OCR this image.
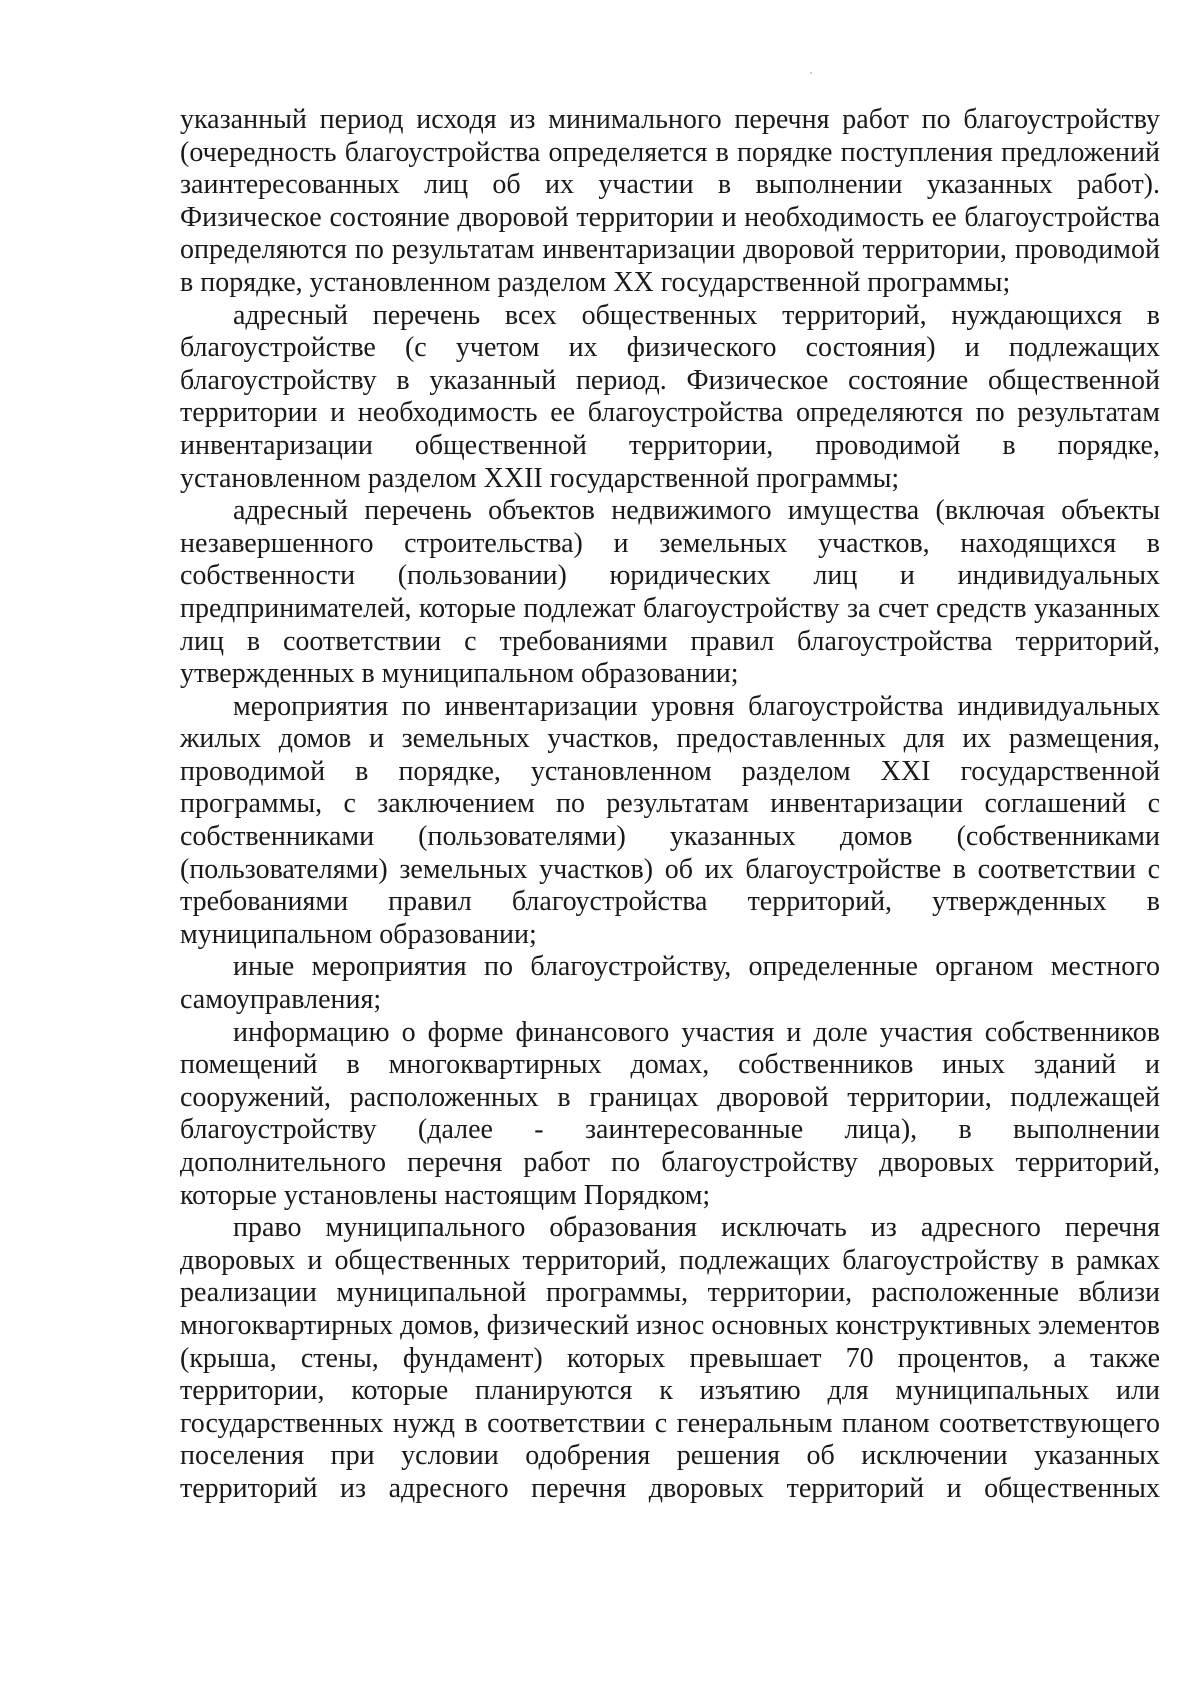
указанный период исходя из минимального перечня работ по благоустройству (очередность благоустройства определяется в порядке поступления предложений заинтересованных лиц об их участии в выполнении указанных работ). Физическое состояние дворовой территории и необходимость ее благоустройства определяются по результатам инвентаризации дворовой территории, проводимой в порядке, установленном разделом XX государственной программы;

адресный перечень всех общественных территорий, нуждающихся в благоустройстве (с учетом их физического состояния) и подлежащих благоустройству в указанный период. Физическое состояние общественной территории и необходимость ее благоустройства определяются по результатам инвентаризации общественной территории, проводимой в порядке, установленном разделом XXII государственной программы;

адресный перечень объектов недвижимого имущества (включая объекты незавершенного строительства) и земельных участков, находящихся в собственности (пользовании) юридических лиц и индивидуальных предпринимателей, которые подлежат благоустройству за счет средств указанных лиц в соответствии с требованиями правил благоустройства территорий, утвержденных в муниципальном образовании;

мероприятия по инвентаризации уровня благоустройства индивидуальных жилых домов и земельных участков, предоставленных для их размещения, проводимой в порядке, установленном разделом XXI государственной программы, с заключением по результатам инвентаризации соглашений с собственниками (пользователями) указанных домов (собственниками (пользователями) земельных участков) об их благоустройстве в соответствии с требованиями правил благоустройства территорий, утвержденных в муниципальном образовании;

иные мероприятия по благоустройству, определенные органом местного самоуправления;

информацию о форме финансового участия и доле участия собственников помещений в многоквартирных домах, собственников иных зданий и сооружений, расположенных в границах дворовой территории, подлежащей благоустройству (далее - заинтересованные лица), в выполнении дополнительного перечня работ по благоустройству дворовых территорий, которые установлены настоящим Порядком;

право муниципального образования исключать из адресного перечня дворовых и общественных территорий, подлежащих благоустройству в рамках реализации муниципальной программы, территории, расположенные вблизи многоквартирных домов, физический износ основных конструктивных элементов (крыша, стены, фундамент) которых превышает 70 процентов, а также территории, которые планируются к изъятию для муниципальных или государственных нужд в соответствии с генеральным планом соответствующего поселения при условии одобрения решения об исключении указанных территорий из адресного перечня дворовых территорий и общественных
